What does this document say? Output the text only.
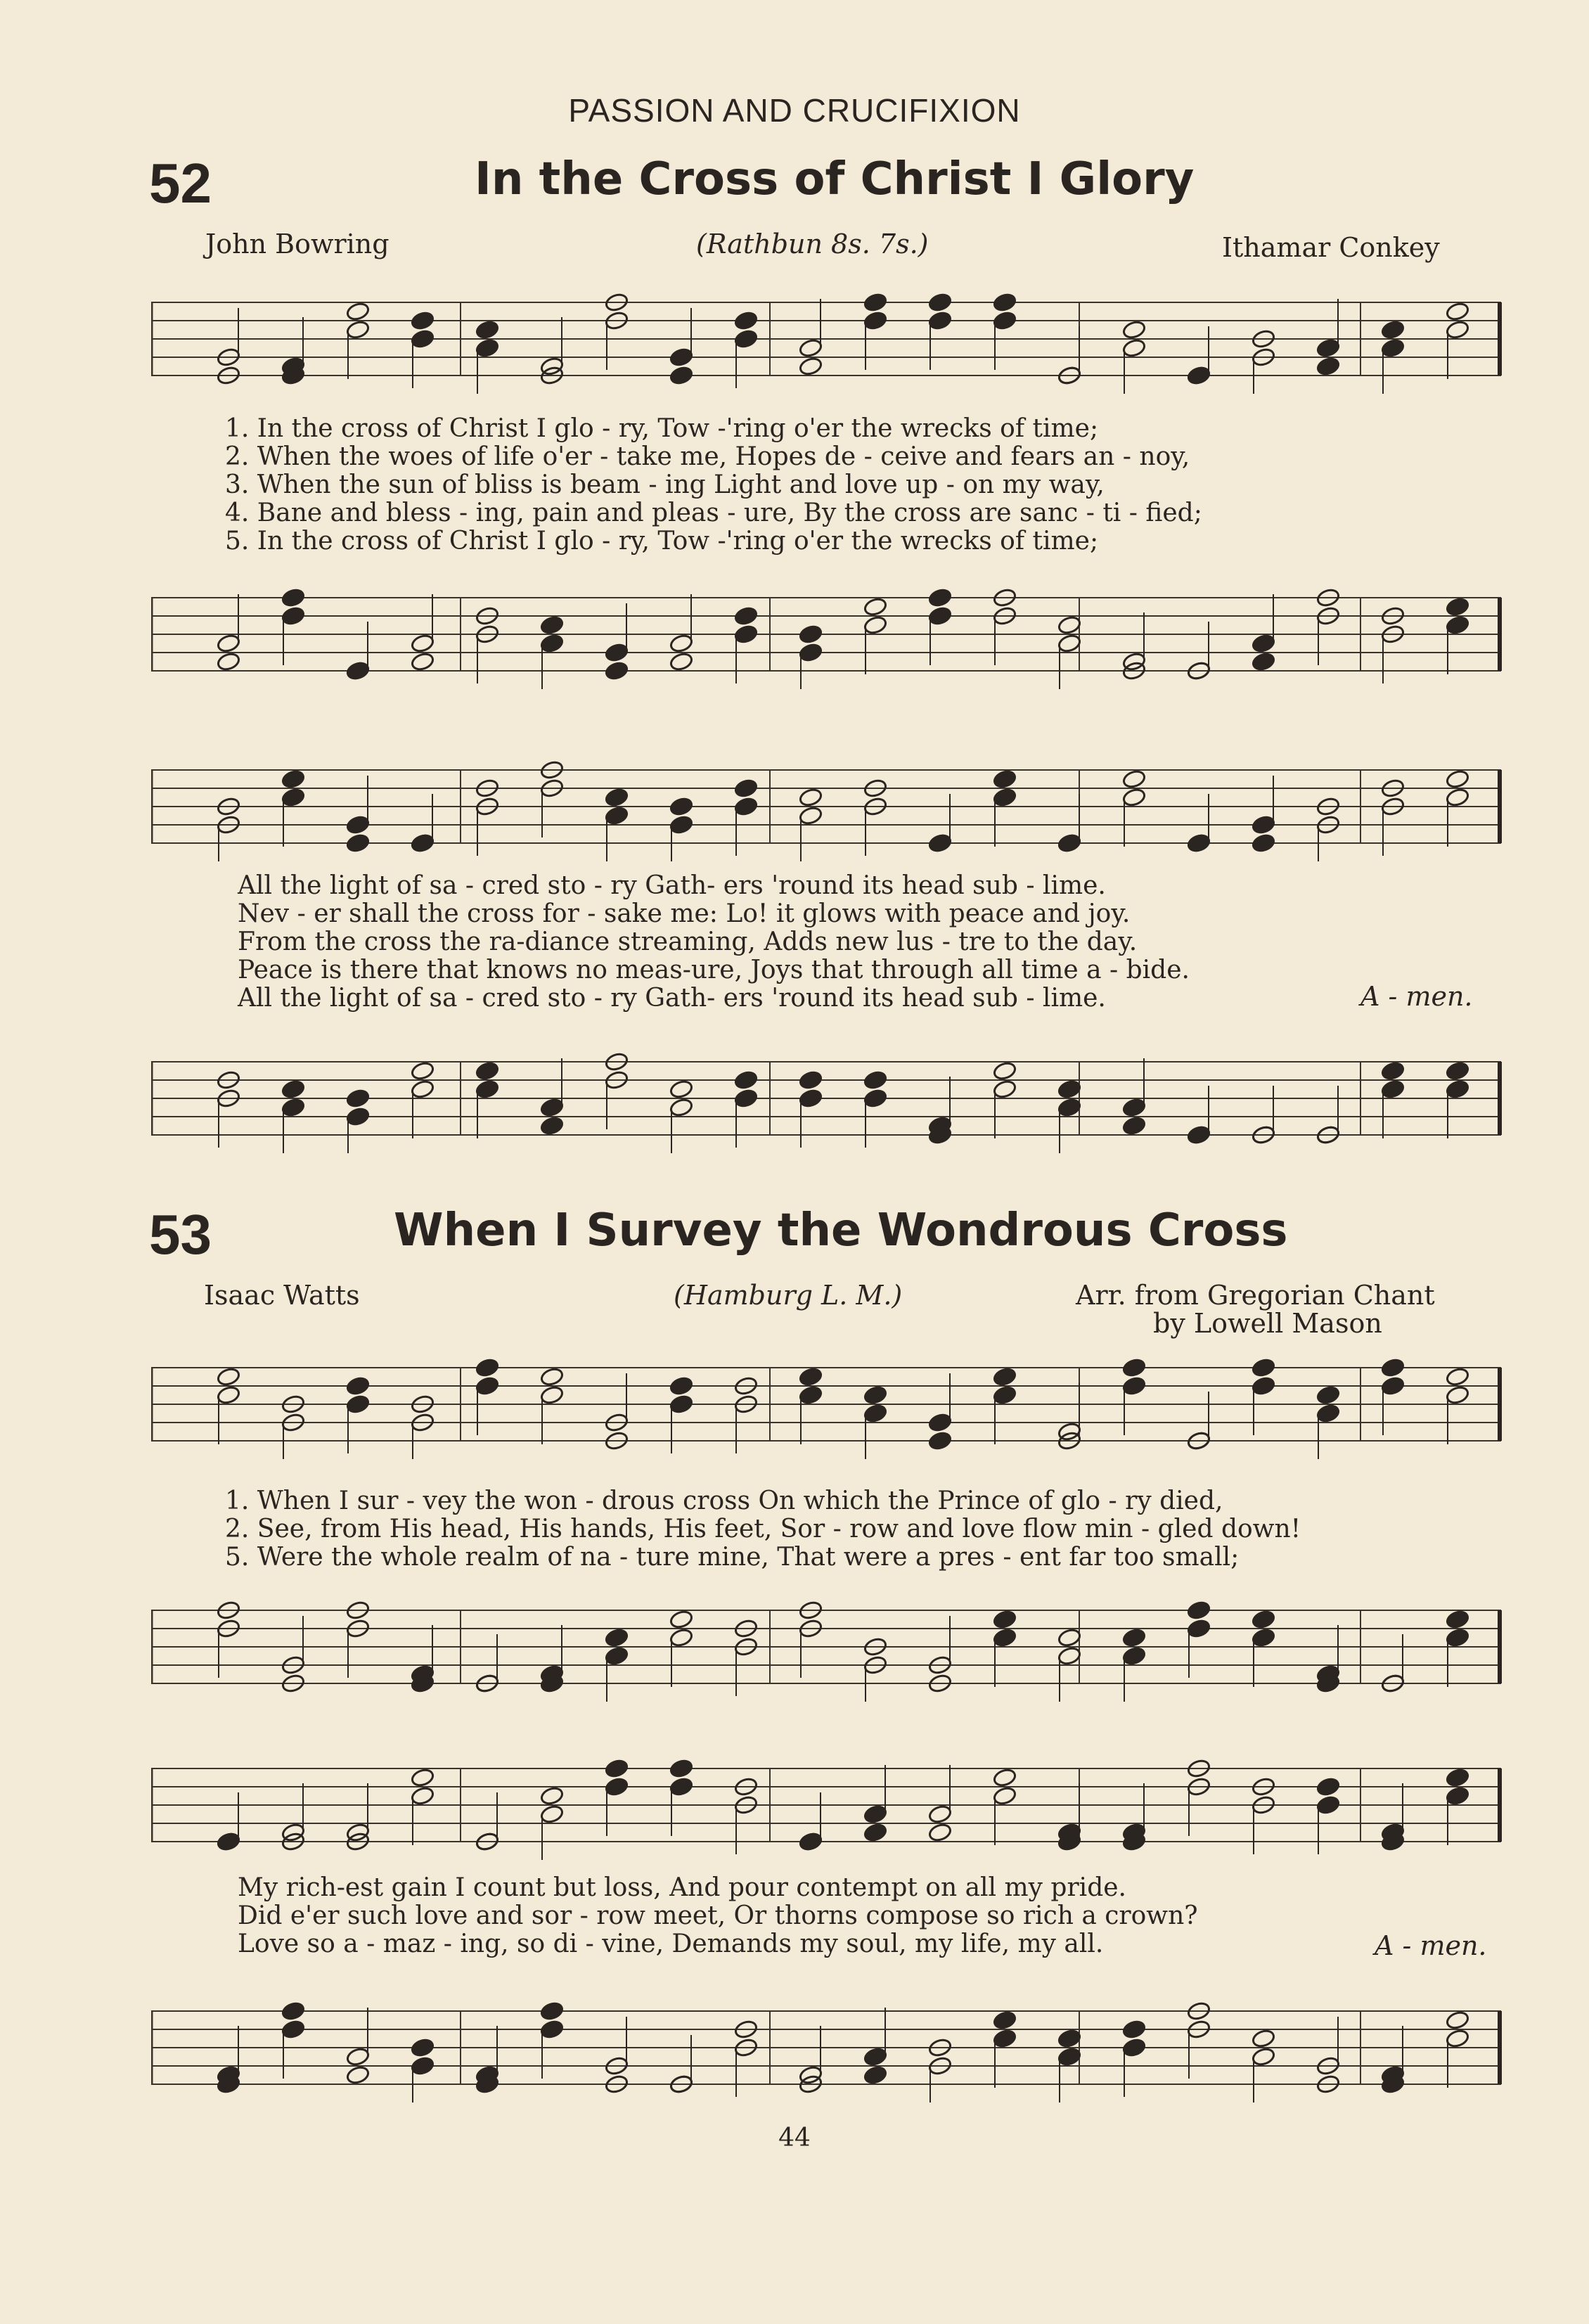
PASSION AND CRUCIFIXION
52	In the Cross of Christ I Glory
John Bowring	(Rathbun 8s. 7s.)	Ithamar Conkey
1. In the cross of Christ I glo - ry, Tow -'ring o'er the wrecks of time;
2. When the woes of life o'er - take me, Hopes de - ceive and fears an - noy,
3. When the sun of bliss is beam - ing Light and love up - on my way,
4. Bane and bless - ing, pain and pleas - ure, By the cross are sanc - ti - fied;
5. In the cross of Christ I glo - ry, Tow -'ring o'er the wrecks of time;
All the light of sa - cred sto - ry Gath- ers 'round its head sub - lime.
Nev - er shall the cross for - sake me: Lo! it glows with peace and joy.
From the cross the ra-diance streaming, Adds new lus - tre to the day.
Peace is there that knows no meas-ure, Joys that through all time a - bide.
All the light of sa - cred sto - ry Gath- ers 'round its head sub - lime.	A - men.
53	When I Survey the Wondrous Cross
Isaac Watts	(Hamburg L. M.)	Arr. from Gregorian Chant
by Lowell Mason
1. When I sur - vey the won - drous cross On which the Prince of glo - ry died,
2. See, from His head, His hands, His feet, Sor - row and love flow min - gled down!
5. Were the whole realm of na - ture mine, That were a pres - ent far too small;
My rich-est gain I count but loss, And pour contempt on all my pride.
Did e'er such love and sor - row meet, Or thorns compose so rich a crown?
Love so a - maz - ing, so di - vine, Demands my soul, my life, my all.	A - men.
44
